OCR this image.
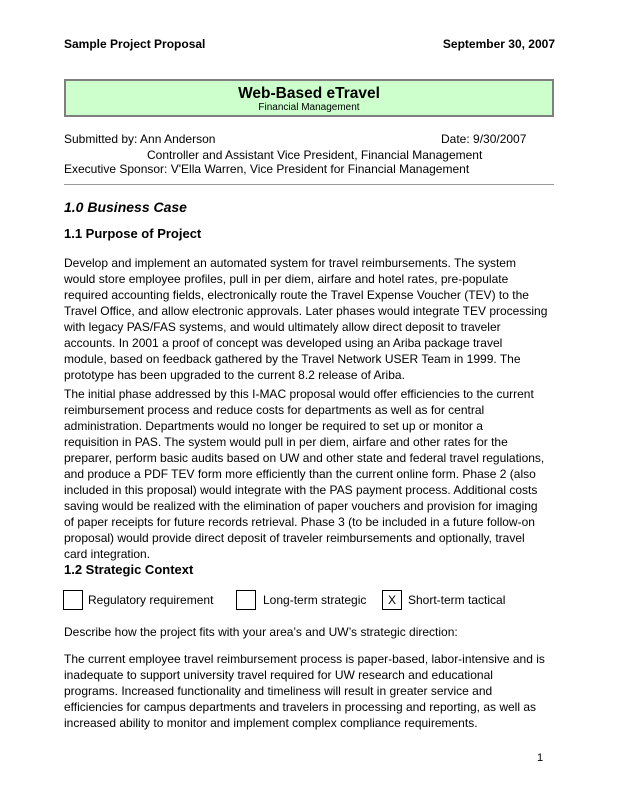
Sample Project Proposal	September 30, 2007
Web-Based eTravel
Financial Management
Submitted by: Ann Anderson	Date: 9/30/2007
Controller and Assistant Vice President, Financial Management
Executive Sponsor: V'Ella Warren, Vice President for Financial Management
1.0 Business Case
1.1 Purpose of Project
Develop and implement an automated system for travel reimbursements. The system
would store employee profiles, pull in per diem, airfare and hotel rates, pre-populate
required accounting fields, electronically route the Travel Expense Voucher (TEV) to the
Travel Office, and allow electronic approvals. Later phases would integrate TEV processing
with legacy PAS/FAS systems, and would ultimately allow direct deposit to traveler
accounts. In 2001 a proof of concept was developed using an Ariba package travel
module, based on feedback gathered by the Travel Network USER Team in 1999. The
prototype has been upgraded to the current 8.2 release of Ariba.
The initial phase addressed by this I-MAC proposal would offer efficiencies to the current
reimbursement process and reduce costs for departments as well as for central
administration. Departments would no longer be required to set up or monitor a
requisition in PAS. The system would pull in per diem, airfare and other rates for the
preparer, perform basic audits based on UW and other state and federal travel regulations,
and produce a PDF TEV form more efficiently than the current online form. Phase 2 (also
included in this proposal) would integrate with the PAS payment process. Additional costs
saving would be realized with the elimination of paper vouchers and provision for imaging
of paper receipts for future records retrieval. Phase 3 (to be included in a future follow-on
proposal) would provide direct deposit of traveler reimbursements and optionally, travel
card integration.
1.2 Strategic Context
Regulatory requirement	Long-term strategic	X	Short-term tactical
Describe how the project fits with your area’s and UW’s strategic direction:
The current employee travel reimbursement process is paper-based, labor-intensive and is
inadequate to support university travel required for UW research and educational
programs. Increased functionality and timeliness will result in greater service and
efficiencies for campus departments and travelers in processing and reporting, as well as
increased ability to monitor and implement complex compliance requirements.
1
